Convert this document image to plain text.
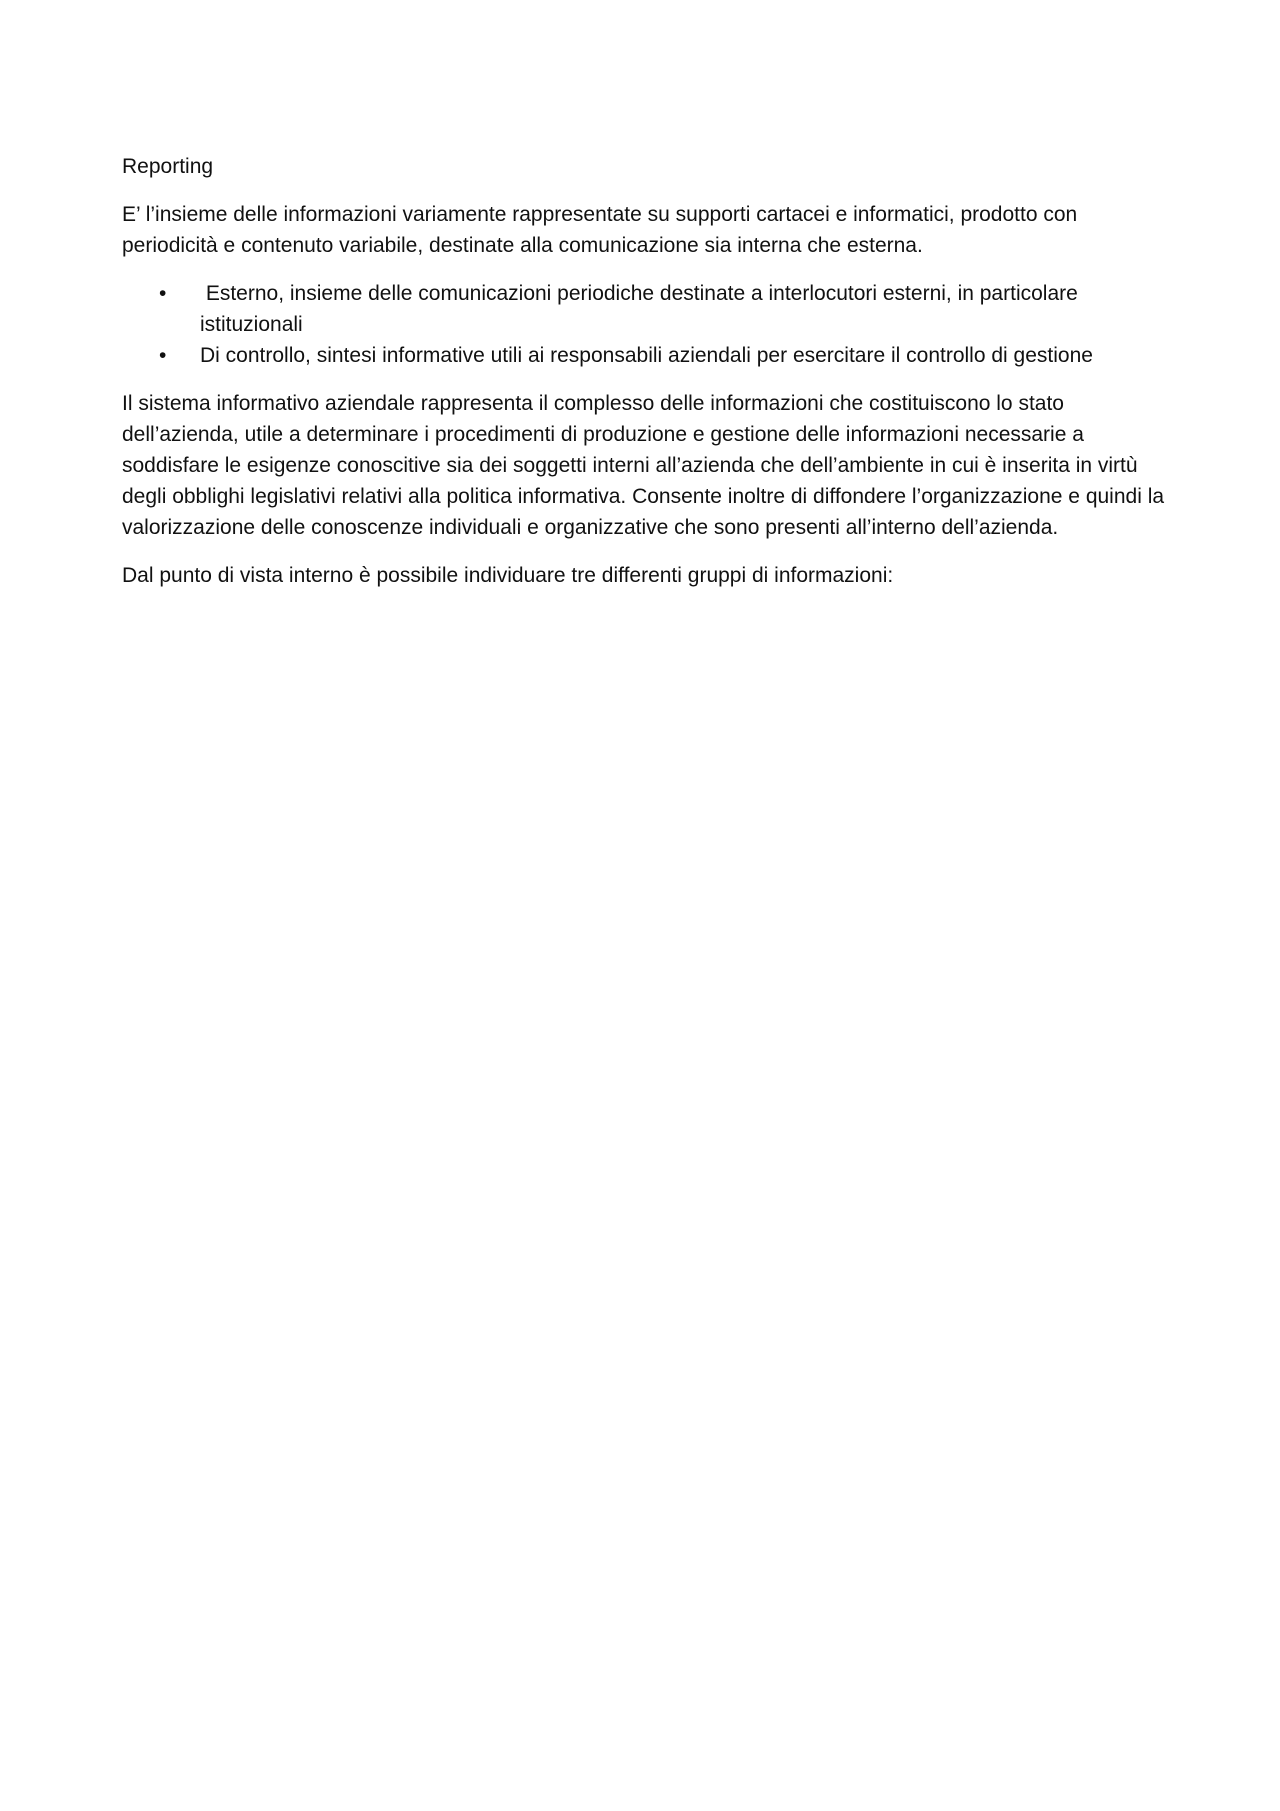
Reporting

E’ l’insieme delle informazioni variamente rappresentate su supporti cartacei e informatici, prodotto con periodicità e contenuto variabile, destinate alla comunicazione sia interna che esterna.

• Esterno, insieme delle comunicazioni periodiche destinate a interlocutori esterni, in particolare istituzionali
• Di controllo, sintesi informative utili ai responsabili aziendali per esercitare il controllo di gestione

Il sistema informativo aziendale rappresenta il complesso delle informazioni che costituiscono lo stato dell’azienda, utile a determinare i procedimenti di produzione e gestione delle informazioni necessarie a soddisfare le esigenze conoscitive sia dei soggetti interni all’azienda che dell’ambiente in cui è inserita in virtù degli obblighi legislativi relativi alla politica informativa. Consente inoltre di diffondere l’organizzazione e quindi la valorizzazione delle conoscenze individuali e organizzative che sono presenti all’interno dell’azienda.

Dal punto di vista interno è possibile individuare tre differenti gruppi di informazioni:
